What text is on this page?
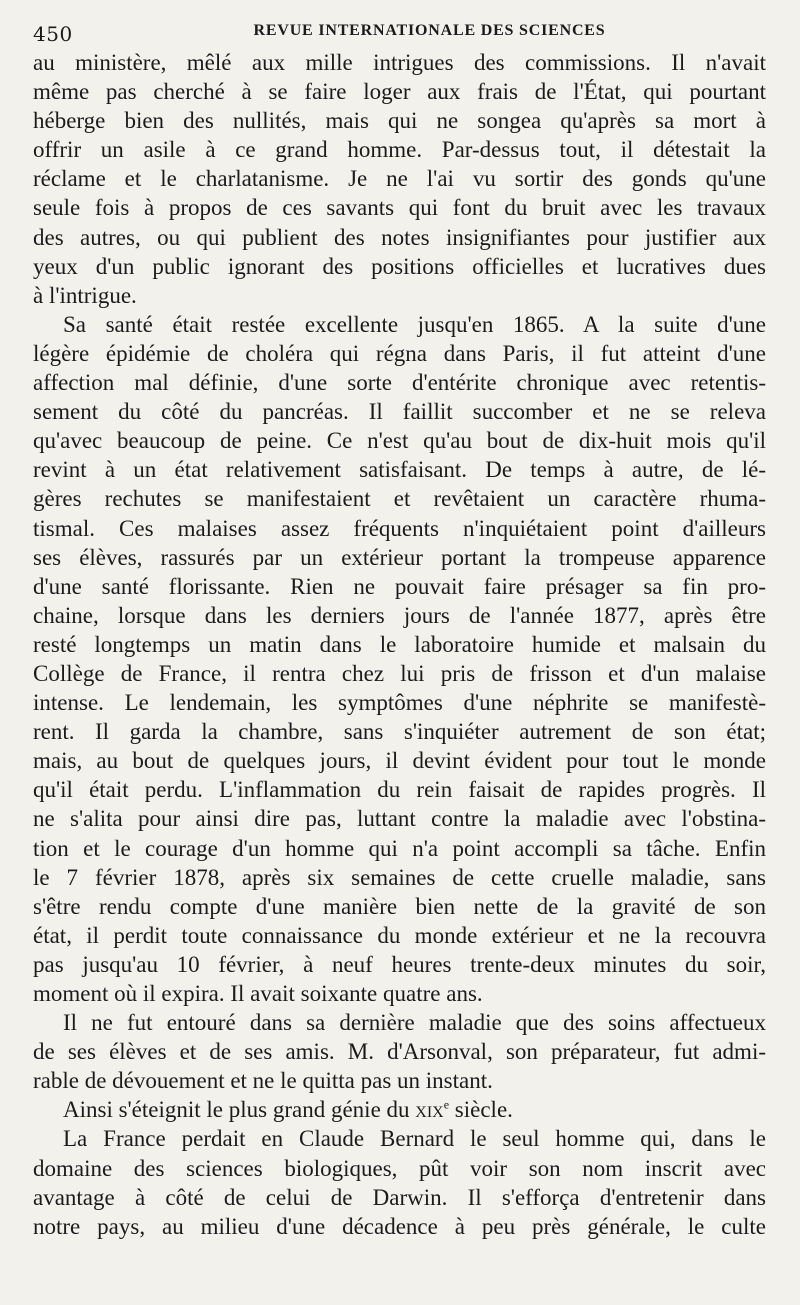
450	REVUE INTERNATIONALE DES SCIENCES
au ministère, mêlé aux mille intrigues des commissions. Il n'avait
même pas cherché à se faire loger aux frais de l'État, qui pourtant
héberge bien des nullités, mais qui ne songea qu'après sa mort à
offrir un asile à ce grand homme. Par-dessus tout, il détestait la
réclame et le charlatanisme. Je ne l'ai vu sortir des gonds qu'une
seule fois à propos de ces savants qui font du bruit avec les travaux
des autres, ou qui publient des notes insignifiantes pour justifier aux
yeux d'un public ignorant des positions officielles et lucratives dues
à l'intrigue.
Sa santé était restée excellente jusqu'en 1865. A la suite d'une
légère épidémie de choléra qui régna dans Paris, il fut atteint d'une
affection mal définie, d'une sorte d'entérite chronique avec retentis-
sement du côté du pancréas. Il faillit succomber et ne se releva
qu'avec beaucoup de peine. Ce n'est qu'au bout de dix-huit mois qu'il
revint à un état relativement satisfaisant. De temps à autre, de lé-
gères rechutes se manifestaient et revêtaient un caractère rhuma-
tismal. Ces malaises assez fréquents n'inquiétaient point d'ailleurs
ses élèves, rassurés par un extérieur portant la trompeuse apparence
d'une santé florissante. Rien ne pouvait faire présager sa fin pro-
chaine, lorsque dans les derniers jours de l'année 1877, après être
resté longtemps un matin dans le laboratoire humide et malsain du
Collège de France, il rentra chez lui pris de frisson et d'un malaise
intense. Le lendemain, les symptômes d'une néphrite se manifestè-
rent. Il garda la chambre, sans s'inquiéter autrement de son état;
mais, au bout de quelques jours, il devint évident pour tout le monde
qu'il était perdu. L'inflammation du rein faisait de rapides progrès. Il
ne s'alita pour ainsi dire pas, luttant contre la maladie avec l'obstina-
tion et le courage d'un homme qui n'a point accompli sa tâche. Enfin
le 7 février 1878, après six semaines de cette cruelle maladie, sans
s'être rendu compte d'une manière bien nette de la gravité de son
état, il perdit toute connaissance du monde extérieur et ne la recouvra
pas jusqu'au 10 février, à neuf heures trente-deux minutes du soir,
moment où il expira. Il avait soixante quatre ans.
Il ne fut entouré dans sa dernière maladie que des soins affectueux
de ses élèves et de ses amis. M. d'Arsonval, son préparateur, fut admi-
rable de dévouement et ne le quitta pas un instant.
Ainsi s'éteignit le plus grand génie du xix$^e$ siècle.
La France perdait en Claude Bernard le seul homme qui, dans le
domaine des sciences biologiques, pût voir son nom inscrit avec
avantage à côté de celui de Darwin. Il s'efforça d'entretenir dans
notre pays, au milieu d'une décadence à peu près générale, le culte
